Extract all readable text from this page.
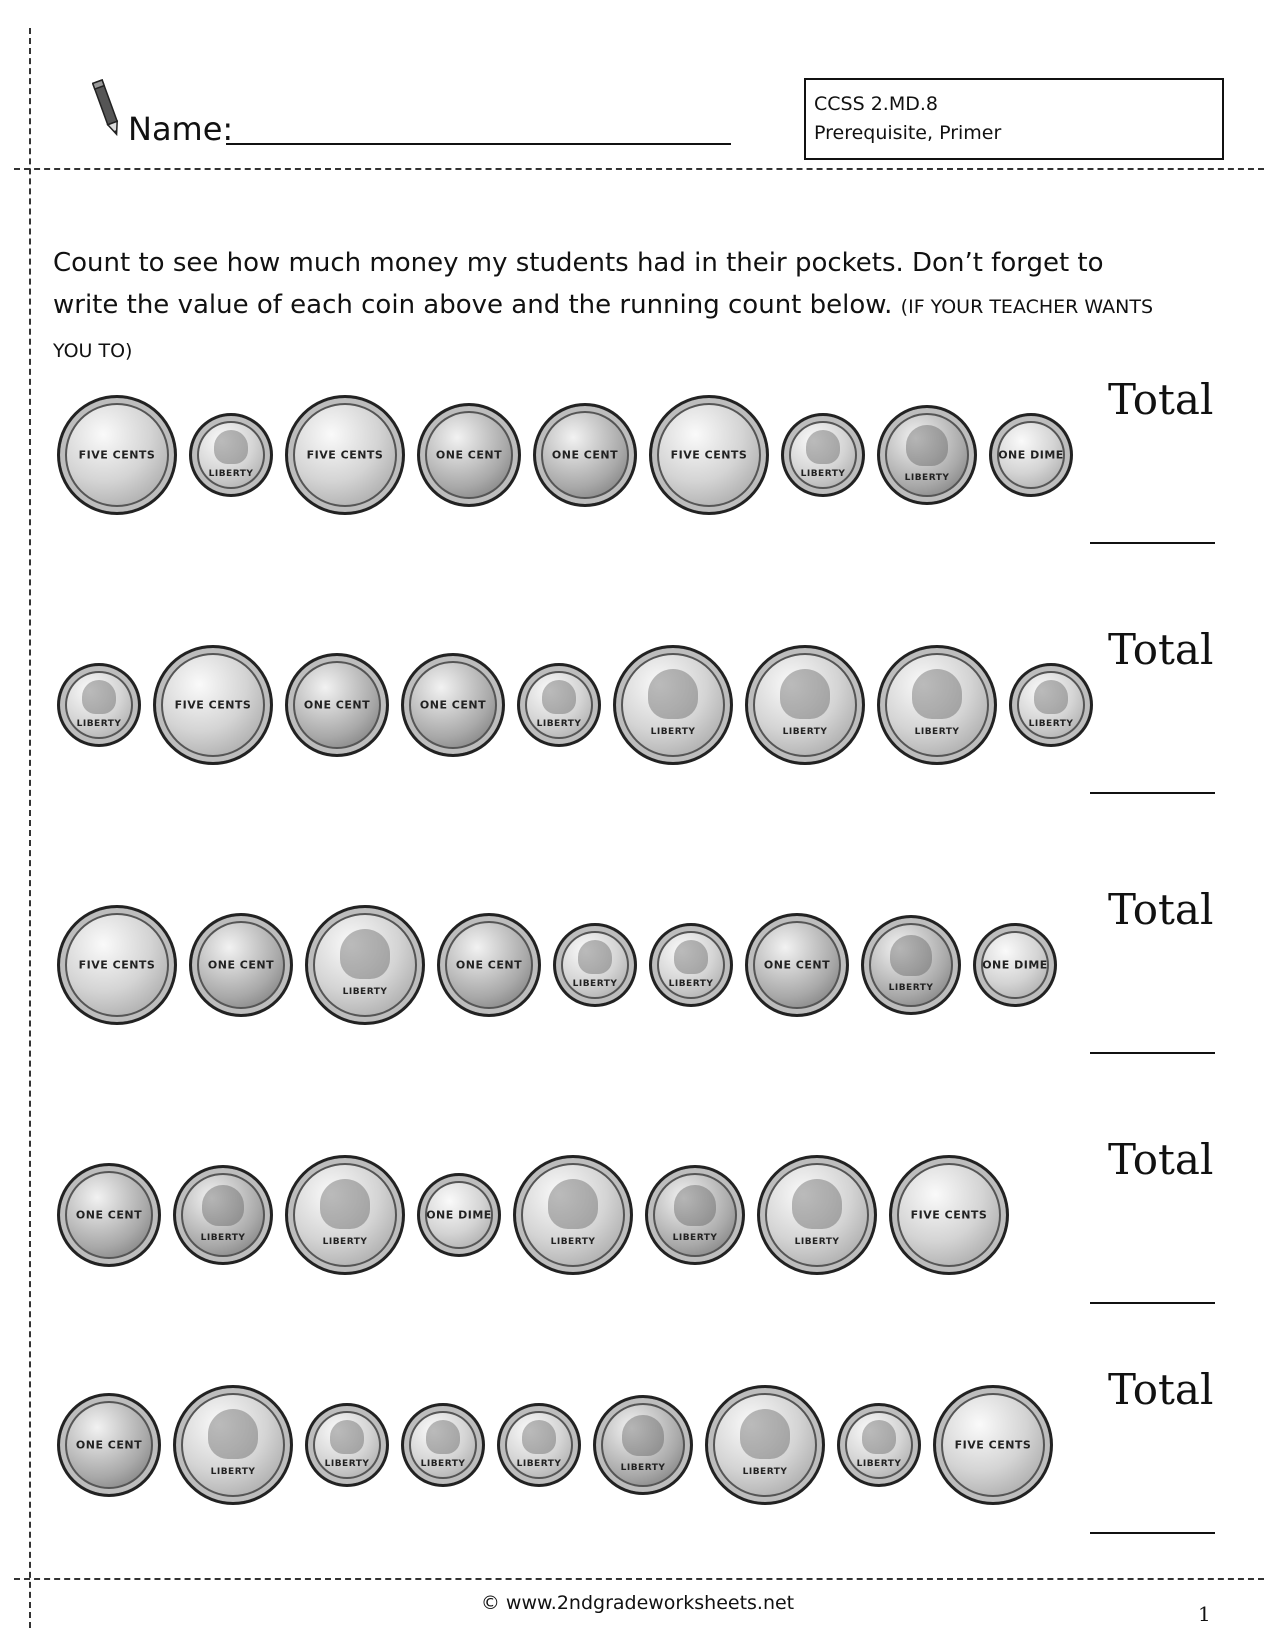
Name:
CCSS 2.MD.8
Prerequisite, Primer
Count to see how much money my students had in their pockets. Don’t forget to
write the value of each coin above and the running count below. (IF YOUR TEACHER WANTS YOU TO)
FIVE CENTS
LIBERTY
FIVE CENTS	ONE CENT	ONE CENT	FIVE CENTS
LIBERTY	LIBERTY
ONE DIME
Total
LIBERTY
FIVE CENTS	ONE CENT	ONE CENT
LIBERTY
LIBERTY	LIBERTY	LIBERTY
LIBERTY
Total
FIVE CENTS	ONE CENT
LIBERTY
ONE CENT
LIBERTY	LIBERTY
ONE CENT
LIBERTY
ONE DIME
Total
ONE CENT
LIBERTY	LIBERTY
ONE DIME
LIBERTY	LIBERTY	LIBERTY
FIVE CENTS
Total
ONE CENT
LIBERTY
LIBERTY	LIBERTY	LIBERTY	LIBERTY	LIBERTY
LIBERTY
FIVE CENTS
Total
© www.2ndgradeworksheets.net	1
